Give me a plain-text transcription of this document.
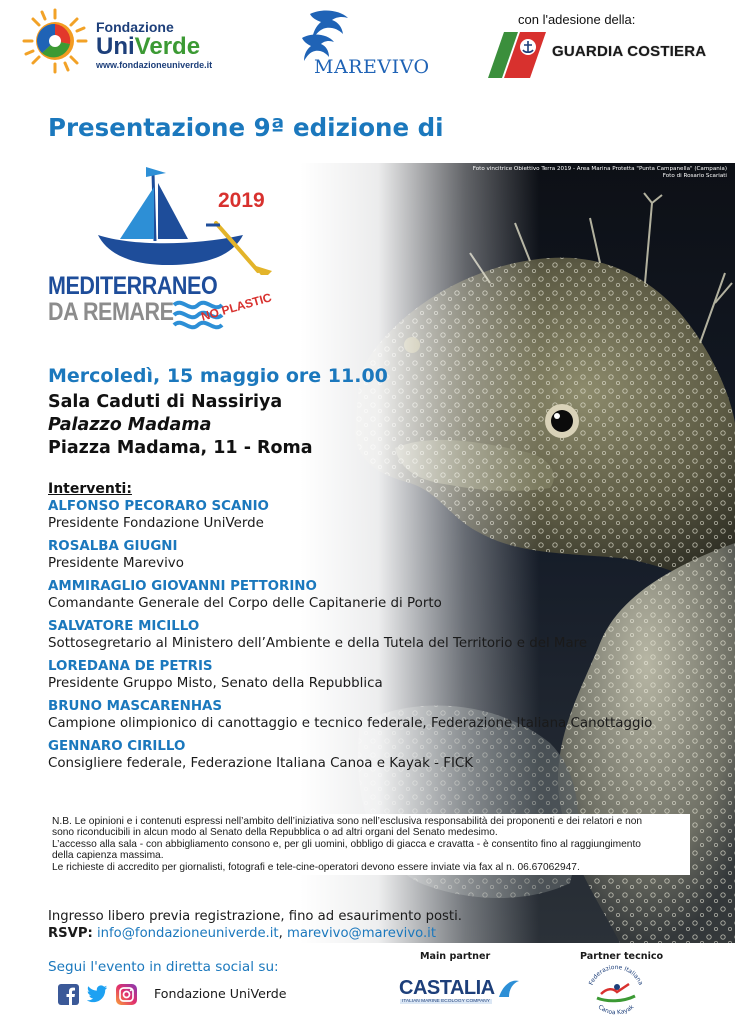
Fondazione
UniVerde
www.fondazioneuniverde.it	MAREVIVO
con l'adesione della:
GUARDIA COSTIERA
Presentazione 9ª edizione di
Foto vincitrice Obiettivo Terra 2019 - Area Marina Protetta "Punta Campanella" (Campania)
Foto di Rosario Scariati
2019
MEDITERRANEO
DA REMARE NO PLASTIC
Mercoledì, 15 maggio ore 11.00
Sala Caduti di Nassiriya
Palazzo Madama
Piazza Madama, 11 - Roma
Interventi:
ALFONSO PECORARO SCANIO
Presidente Fondazione UniVerde
ROSALBA GIUGNI
Presidente Marevivo
AMMIRAGLIO GIOVANNI PETTORINO
Comandante Generale del Corpo delle Capitanerie di Porto
SALVATORE MICILLO
Sottosegretario al Ministero dell’Ambiente e della Tutela del Territorio e del Mare
LOREDANA DE PETRIS
Presidente Gruppo Misto, Senato della Repubblica
BRUNO MASCARENHAS
Campione olimpionico di canottaggio e tecnico federale, Federazione Italiana Canottaggio
GENNARO CIRILLO
Consigliere federale, Federazione Italiana Canoa e Kayak - FICK
N.B. Le opinioni e i contenuti espressi nell’ambito dell’iniziativa sono nell’esclusiva responsabilità dei proponenti e dei relatori e non
sono riconducibili in alcun modo al Senato della Repubblica o ad altri organi del Senato medesimo.
L’accesso alla sala - con abbigliamento consono e, per gli uomini, obbligo di giacca e cravatta - è consentito fino al raggiungimento
della capienza massima.
Le richieste di accredito per giornalisti, fotografi e tele-cine-operatori devono essere inviate via fax al n. 06.67062947.
Ingresso libero previa registrazione, fino ad esaurimento posti.
RSVP: info@fondazioneuniverde.it, marevivo@marevivo.it
Segui l'evento in diretta social su:
Fondazione UniVerde
Main partner
CASTALIA
ITALIAN MARINE ECOLOGY COMPANY
Partner tecnico
Federazione Italiana
Canoa Kayak
